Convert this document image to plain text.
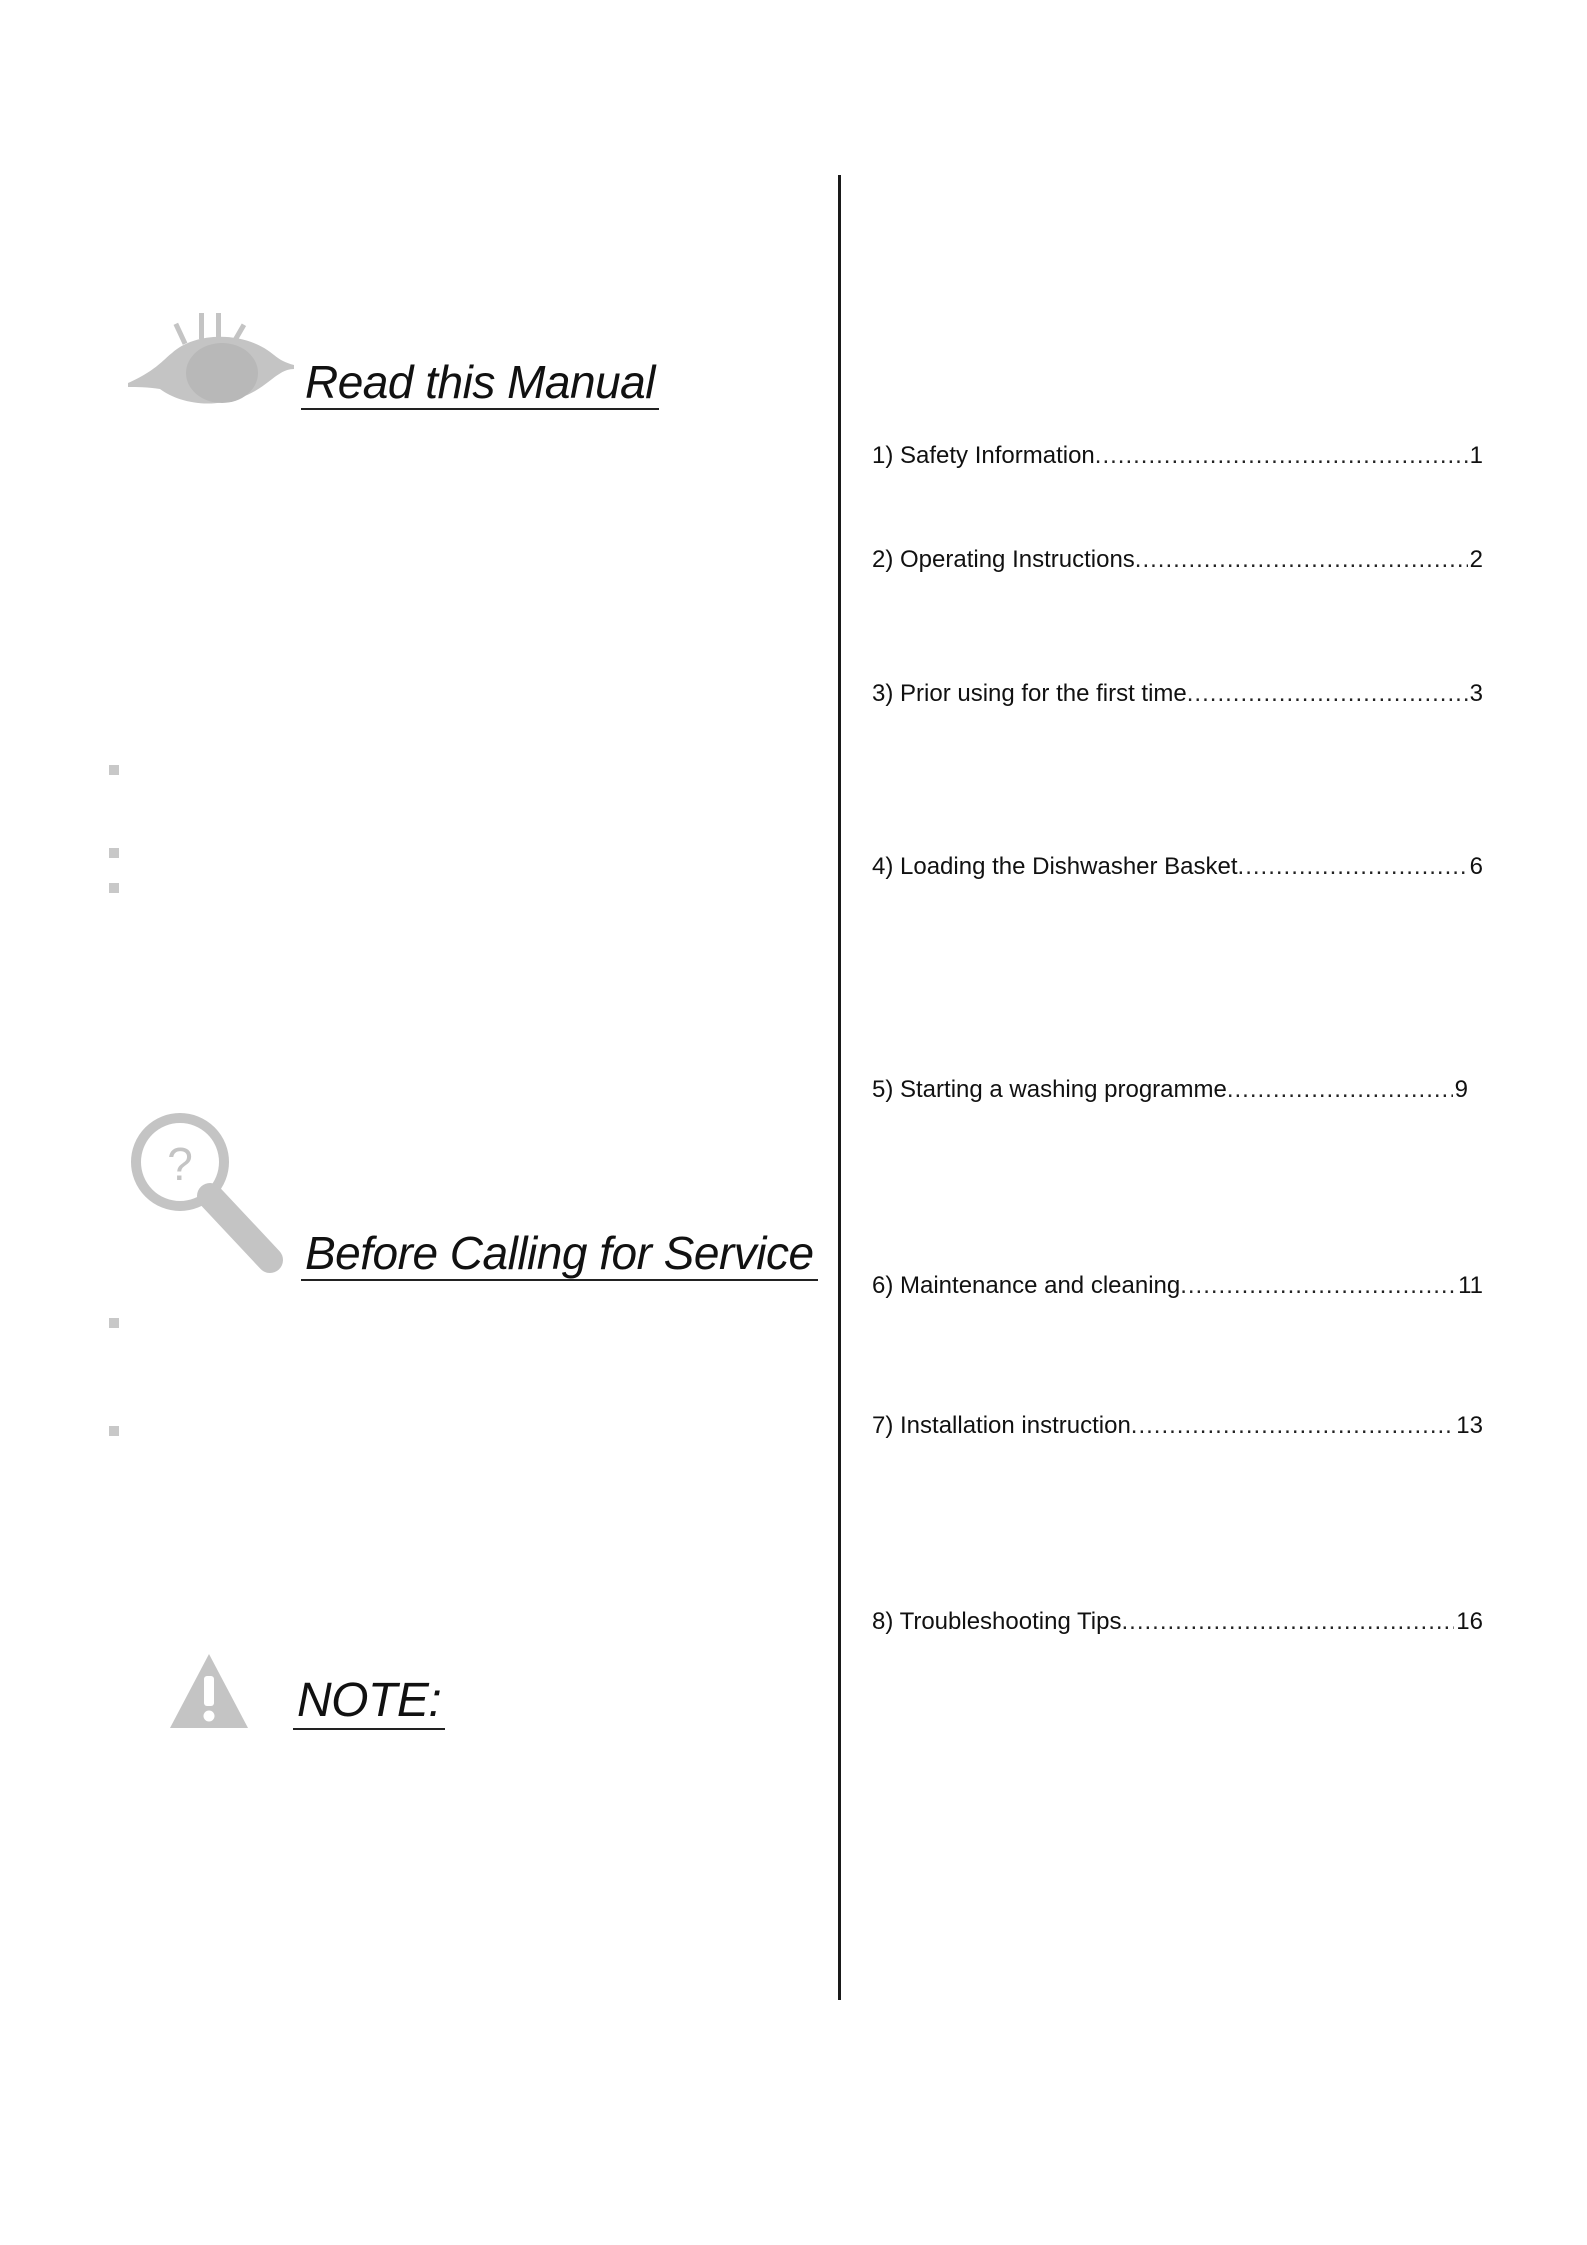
Read this Manual
?
Before Calling for Service
NOTE:
1) Safety Information .....	1
2) Operating Instructions .....	2
3) Prior using for the first time .....	3
4) Loading the Dishwasher Basket .....	6
5) Starting a washing programme .....	9
6) Maintenance and cleaning .....	11
7) Installation instruction .....	13
8) Troubleshooting Tips .....	16
